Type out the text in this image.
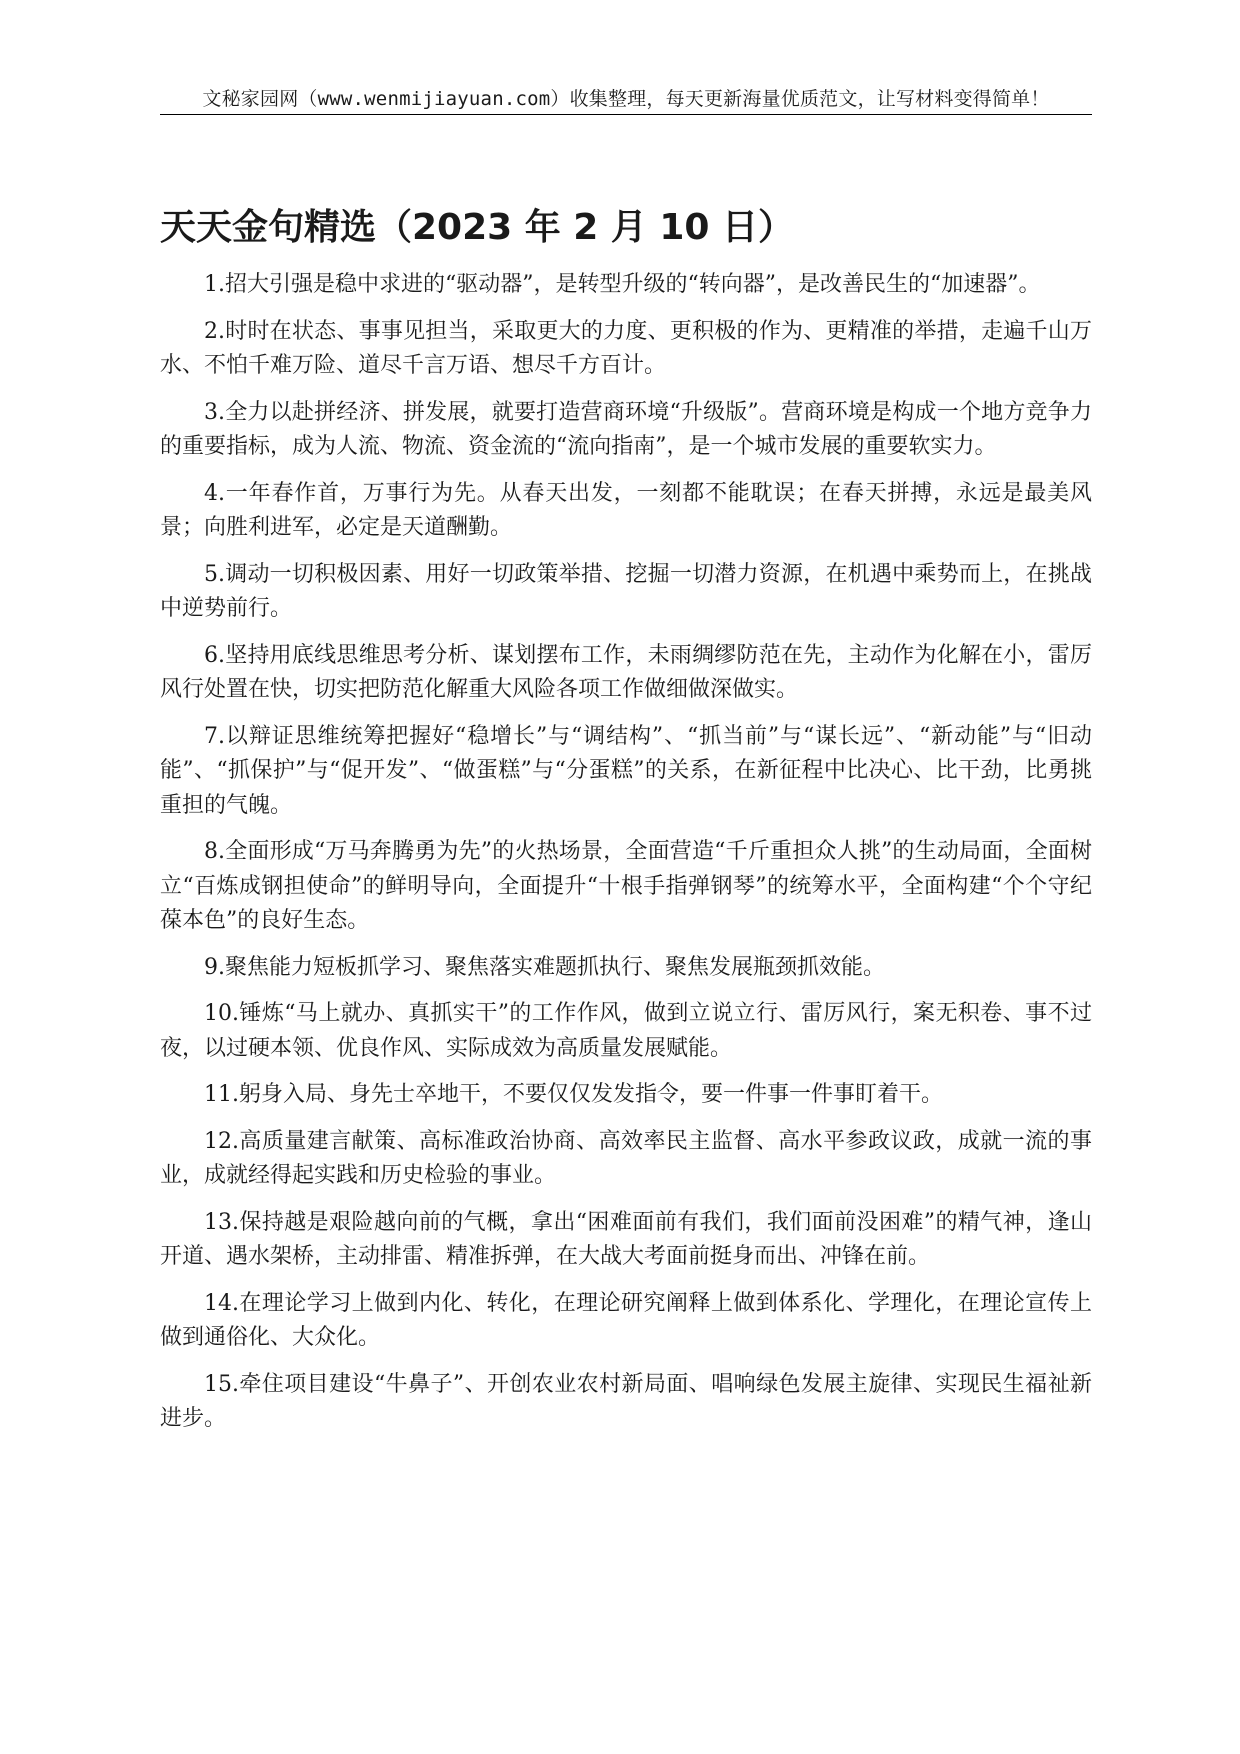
文秘家园网（www.wenmijiayuan.com）收集整理，每天更新海量优质范文，让写材料变得简单！
天天金句精选（2023 年 2 月 10 日）

1.招大引强是稳中求进的“驱动器”，是转型升级的“转向器”，是改善民生的“加速器”。

2.时时在状态、事事见担当，采取更大的力度、更积极的作为、更精准的举措，走遍千山万水、不怕千难万险、道尽千言万语、想尽千方百计。

3.全力以赴拼经济、拼发展，就要打造营商环境“升级版”。营商环境是构成一个地方竞争力的重要指标，成为人流、物流、资金流的“流向指南”，是一个城市发展的重要软实力。

4.一年春作首，万事行为先。从春天出发，一刻都不能耽误；在春天拼搏，永远是最美风景；向胜利进军，必定是天道酬勤。

5.调动一切积极因素、用好一切政策举措、挖掘一切潜力资源，在机遇中乘势而上，在挑战中逆势前行。

6.坚持用底线思维思考分析、谋划摆布工作，未雨绸缪防范在先，主动作为化解在小，雷厉风行处置在快，切实把防范化解重大风险各项工作做细做深做实。

7.以辩证思维统筹把握好“稳增长”与“调结构”、“抓当前”与“谋长远”、“新动能”与“旧动能”、“抓保护”与“促开发”、“做蛋糕”与“分蛋糕”的关系，在新征程中比决心、比干劲，比勇挑重担的气魄。

8.全面形成“万马奔腾勇为先”的火热场景，全面营造“千斤重担众人挑”的生动局面，全面树立“百炼成钢担使命”的鲜明导向，全面提升“十根手指弹钢琴”的统筹水平，全面构建“个个守纪葆本色”的良好生态。

9.聚焦能力短板抓学习、聚焦落实难题抓执行、聚焦发展瓶颈抓效能。

10.锤炼“马上就办、真抓实干”的工作作风，做到立说立行、雷厉风行，案无积卷、事不过夜，以过硬本领、优良作风、实际成效为高质量发展赋能。

11.躬身入局、身先士卒地干，不要仅仅发发指令，要一件事一件事盯着干。

12.高质量建言献策、高标准政治协商、高效率民主监督、高水平参政议政，成就一流的事业，成就经得起实践和历史检验的事业。

13.保持越是艰险越向前的气概，拿出“困难面前有我们，我们面前没困难”的精气神，逢山开道、遇水架桥，主动排雷、精准拆弹，在大战大考面前挺身而出、冲锋在前。

14.在理论学习上做到内化、转化，在理论研究阐释上做到体系化、学理化，在理论宣传上做到通俗化、大众化。

15.牵住项目建设“牛鼻子”、开创农业农村新局面、唱响绿色发展主旋律、实现民生福祉新进步。
